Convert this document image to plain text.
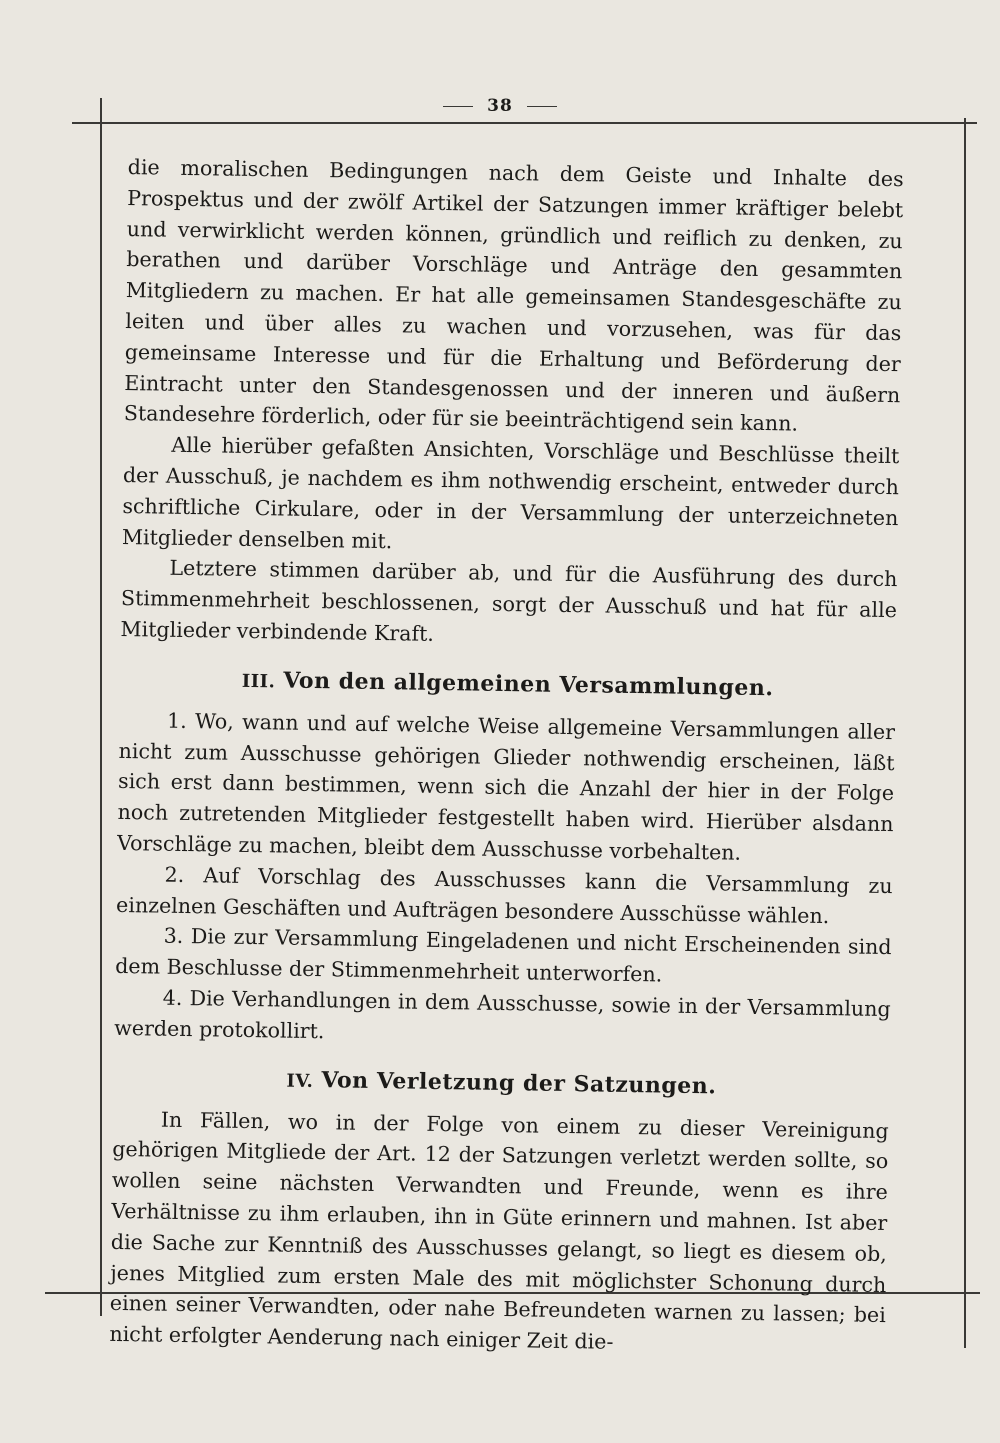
38

die moralischen Bedingungen nach dem Geiste und Inhalte des Prospektus und der zwölf Artikel der Satzungen immer kräftiger belebt und verwirklicht werden können, gründlich und reiflich zu denken, zu berathen und darüber Vorschläge und Anträge den gesammten Mitgliedern zu machen. Er hat alle gemeinsamen Standesgeschäfte zu leiten und über alles zu wachen und vorzusehen, was für das gemeinsame Interesse und für die Erhaltung und Beförderung der Eintracht unter den Standesgenossen und der inneren und äußern Standesehre förderlich, oder für sie beeinträchtigend sein kann.

Alle hierüber gefaßten Ansichten, Vorschläge und Beschlüsse theilt der Ausschuß, je nachdem es ihm nothwendig erscheint, entweder durch schriftliche Cirkulare, oder in der Versammlung der unterzeichneten Mitglieder denselben mit.

Letztere stimmen darüber ab, und für die Ausführung des durch Stimmenmehrheit beschlossenen, sorgt der Ausschuß und hat für alle Mitglieder verbindende Kraft.

III. Von den allgemeinen Versammlungen.

1. Wo, wann und auf welche Weise allgemeine Versammlungen aller nicht zum Ausschusse gehörigen Glieder nothwendig erscheinen, läßt sich erst dann bestimmen, wenn sich die Anzahl der hier in der Folge noch zutretenden Mitglieder festgestellt haben wird. Hierüber alsdann Vorschläge zu machen, bleibt dem Ausschusse vorbehalten.

2. Auf Vorschlag des Ausschusses kann die Versammlung zu einzelnen Geschäften und Aufträgen besondere Ausschüsse wählen.

3. Die zur Versammlung Eingeladenen und nicht Erscheinenden sind dem Beschlusse der Stimmenmehrheit unterworfen.

4. Die Verhandlungen in dem Ausschusse, sowie in der Versammlung werden protokollirt.

IV. Von Verletzung der Satzungen.

In Fällen, wo in der Folge von einem zu dieser Vereinigung gehörigen Mitgliede der Art. 12 der Satzungen verletzt werden sollte, so wollen seine nächsten Verwandten und Freunde, wenn es ihre Verhältnisse zu ihm erlauben, ihn in Güte erinnern und mahnen. Ist aber die Sache zur Kenntniß des Ausschusses gelangt, so liegt es diesem ob, jenes Mitglied zum ersten Male des mit möglichster Schonung durch einen seiner Verwandten, oder nahe Befreundeten warnen zu lassen; bei nicht erfolgter Aenderung nach einiger Zeit die-
